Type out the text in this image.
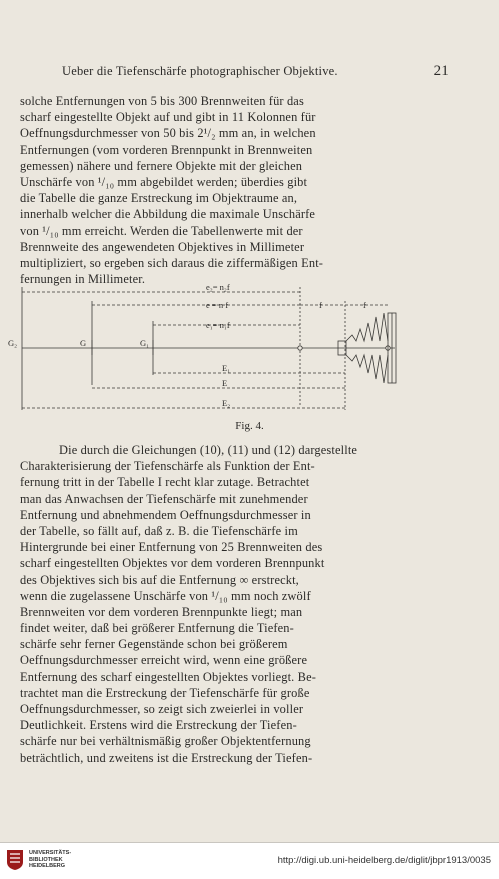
Ueber die Tiefenschärfe photographischer Objektive.	21
solche Entfernungen von 5 bis 300 Brennweiten für das
scharf eingestellte Objekt auf und gibt in 11 Kolonnen für
Oeffnungsdurchmesser von 50 bis 2¹/₂ mm an, in welchen
Entfernungen (vom vorderen Brennpunkt in Brennweiten
gemessen) nähere und fernere Objekte mit der gleichen
Unschärfe von ¹/₁₀ mm abgebildet werden; überdies gibt
die Tabelle die ganze Erstreckung im Objektraume an,
innerhalb welcher die Abbildung die maximale Unschärfe
von ¹/₁₀ mm erreicht. Werden die Tabellenwerte mit der
Brennweite des angewendeten Objektives in Millimeter
multipliziert, so ergeben sich daraus die ziffermäßigen Ent-
fernungen in Millimeter.
e₂= n₂f
e = n f	f	f
e₁= n₁f
G₂	G	G₁
E₁
E
E₂
Fig. 4.
Die durch die Gleichungen (10), (11) und (12) dargestellte
Charakterisierung der Tiefenschärfe als Funktion der Ent-
fernung tritt in der Tabelle I recht klar zutage. Betrachtet
man das Anwachsen der Tiefenschärfe mit zunehmender
Entfernung und abnehmendem Oeffnungsdurchmesser in
der Tabelle, so fällt auf, daß z. B. die Tiefenschärfe im
Hintergrunde bei einer Entfernung von 25 Brennweiten des
scharf eingestellten Objektes vor dem vorderen Brennpunkt
des Objektives sich bis auf die Entfernung ∞ erstreckt,
wenn die zugelassene Unschärfe von ¹/₁₀ mm noch zwölf
Brennweiten vor dem vorderen Brennpunkte liegt; man
findet weiter, daß bei größerer Entfernung die Tiefen-
schärfe sehr ferner Gegenstände schon bei größerem
Oeffnungsdurchmesser erreicht wird, wenn eine größere
Entfernung des scharf eingestellten Objektes vorliegt. Be-
trachtet man die Erstreckung der Tiefenschärfe für große
Oeffnungsdurchmesser, so zeigt sich zweierlei in voller
Deutlichkeit. Erstens wird die Erstreckung der Tiefen-
schärfe nur bei verhältnismäßig großer Objektentfernung
beträchtlich, und zweitens ist die Erstreckung der Tiefen-
UNIVERSITÄTS-
BIBLIOTHEK
HEIDELBERG
http://digi.ub.uni-heidelberg.de/diglit/jbpr1913/0035
